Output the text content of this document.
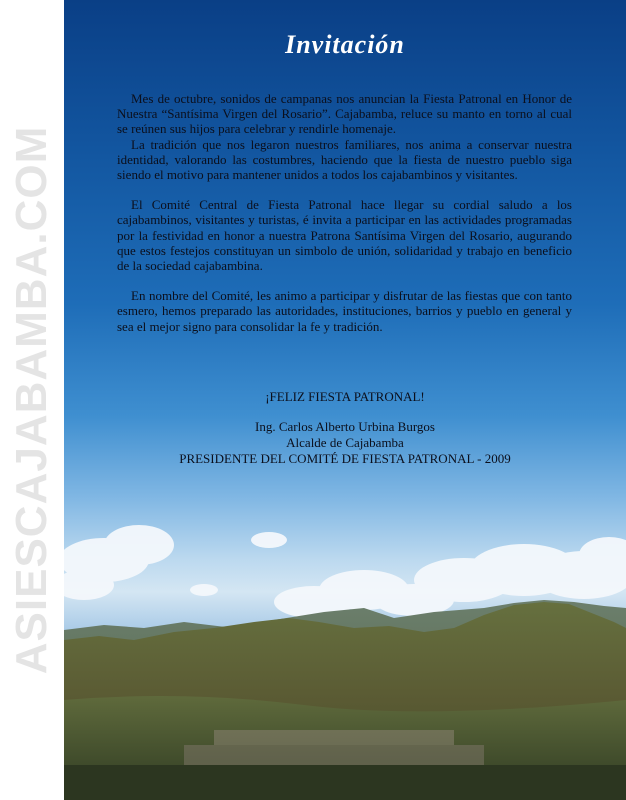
ASIESCAJABAMBA.COM
Invitación

Mes de octubre, sonidos de campanas nos anuncian la Fiesta Patronal en Honor de Nuestra “Santísima Virgen del Rosario”. Cajabamba, reluce su manto en torno al cual se reúnen sus hijos para celebrar y rendirle homenaje.

La tradición que nos legaron nuestros familiares, nos anima a conservar nuestra identidad, valorando las costumbres, haciendo que la fiesta de nuestro pueblo siga siendo el motivo para mantener unidos a todos los cajabambinos y visitantes.

El Comité Central de Fiesta Patronal hace llegar su cordial saludo a los cajabambinos, visitantes y turistas, é invita a participar en las actividades programadas por la festividad en honor a nuestra Patrona Santísima Virgen del Rosario, augurando que estos festejos constituyan un simbolo de unión, solidaridad y trabajo en beneficio de la sociedad cajabambina.

En nombre del Comité, les animo a participar y disfrutar de las fiestas que con tanto esmero, hemos preparado las autoridades, instituciones, barrios y pueblo en general y sea el mejor signo para consolidar la fe y tradición.

¡FELIZ FIESTA PATRONAL!
Ing. Carlos Alberto Urbina Burgos
Alcalde de Cajabamba
PRESIDENTE DEL COMITÉ DE FIESTA PATRONAL - 2009
